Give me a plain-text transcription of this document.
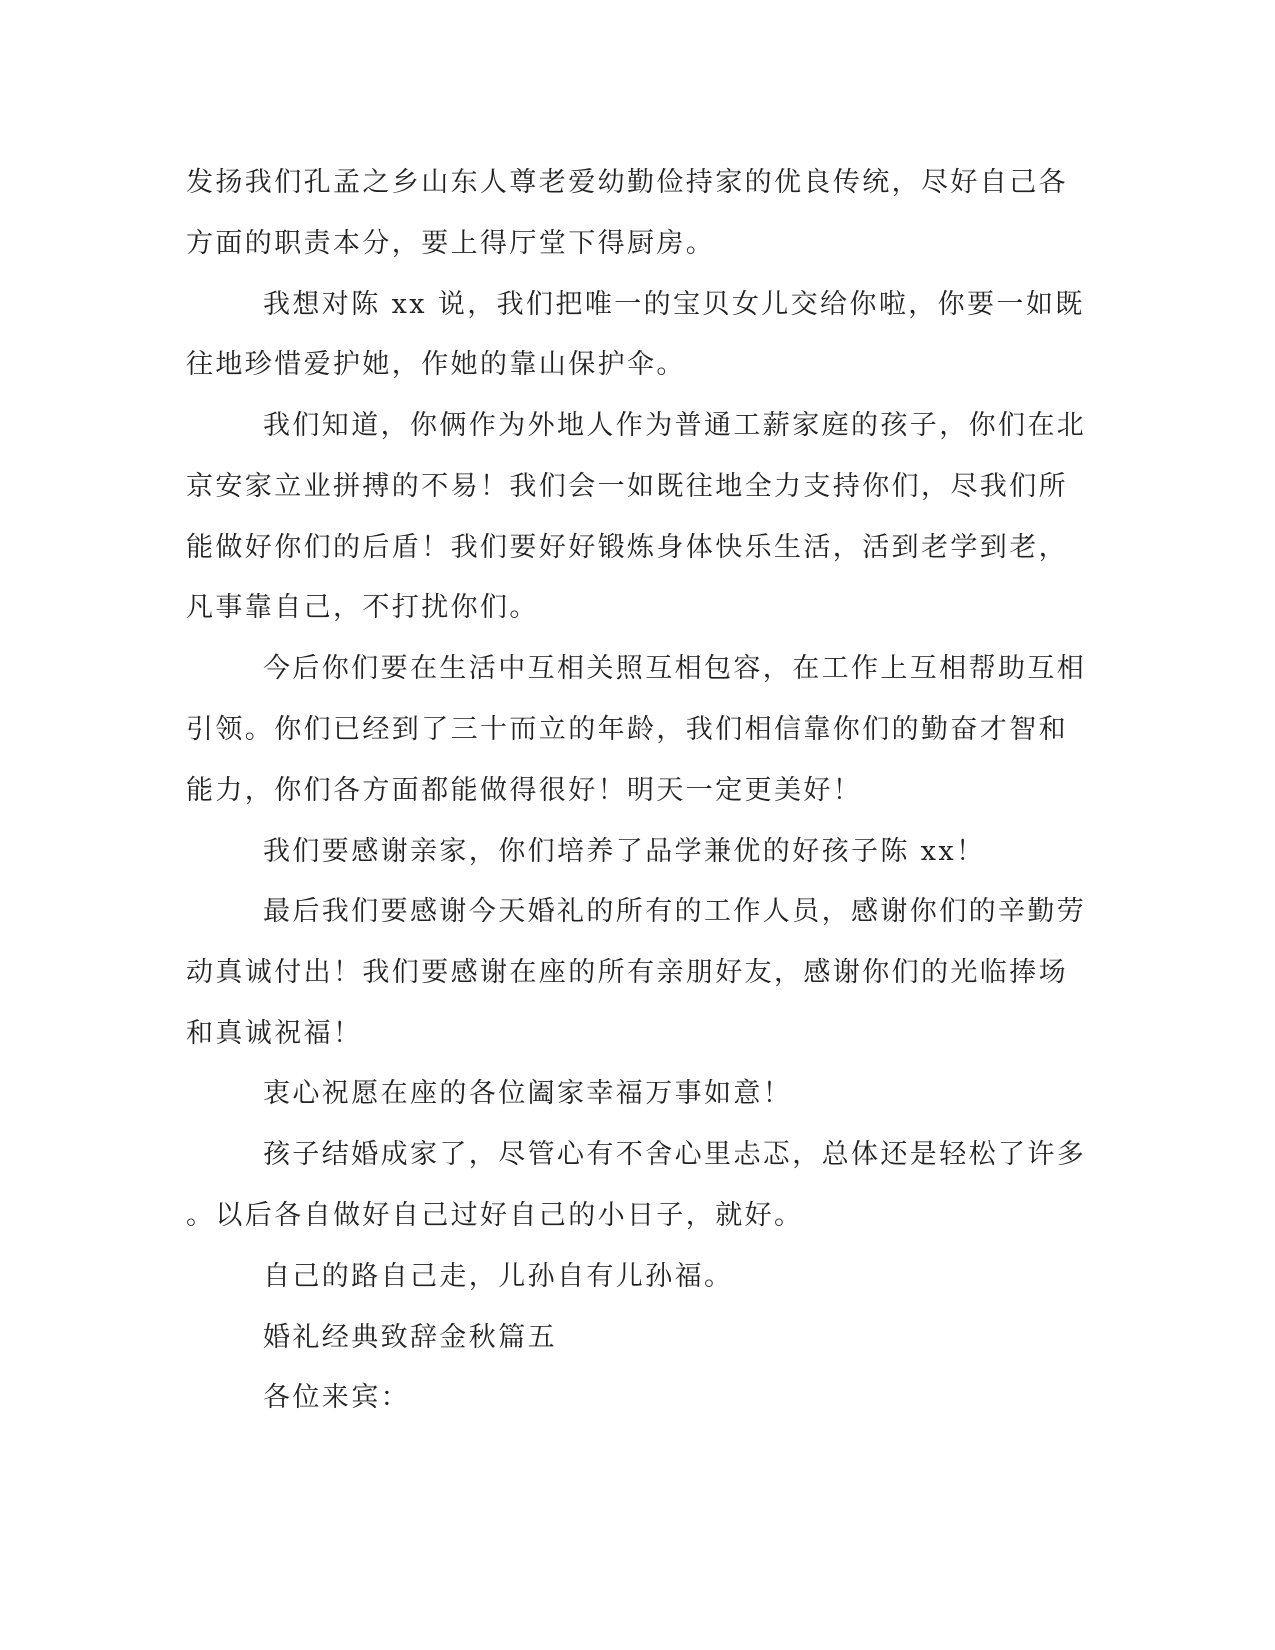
发扬我们孔孟之乡山东人尊老爱幼勤俭持家的优良传统，尽好自己各
方面的职责本分，要上得厅堂下得厨房。
我想对陈 xx 说，我们把唯一的宝贝女儿交给你啦，你要一如既
往地珍惜爱护她，作她的靠山保护伞。
我们知道，你俩作为外地人作为普通工薪家庭的孩子，你们在北
京安家立业拼搏的不易！我们会一如既往地全力支持你们，尽我们所
能做好你们的后盾！我们要好好锻炼身体快乐生活，活到老学到老，
凡事靠自己，不打扰你们。
今后你们要在生活中互相关照互相包容，在工作上互相帮助互相
引领。你们已经到了三十而立的年龄，我们相信靠你们的勤奋才智和
能力，你们各方面都能做得很好！明天一定更美好！
我们要感谢亲家，你们培养了品学兼优的好孩子陈 xx！
最后我们要感谢今天婚礼的所有的工作人员，感谢你们的辛勤劳
动真诚付出！我们要感谢在座的所有亲朋好友，感谢你们的光临捧场
和真诚祝福！
衷心祝愿在座的各位阖家幸福万事如意！
孩子结婚成家了，尽管心有不舍心里忐忑，总体还是轻松了许多
。以后各自做好自己过好自己的小日子，就好。
自己的路自己走，儿孙自有儿孙福。
婚礼经典致辞金秋篇五
各位来宾：
